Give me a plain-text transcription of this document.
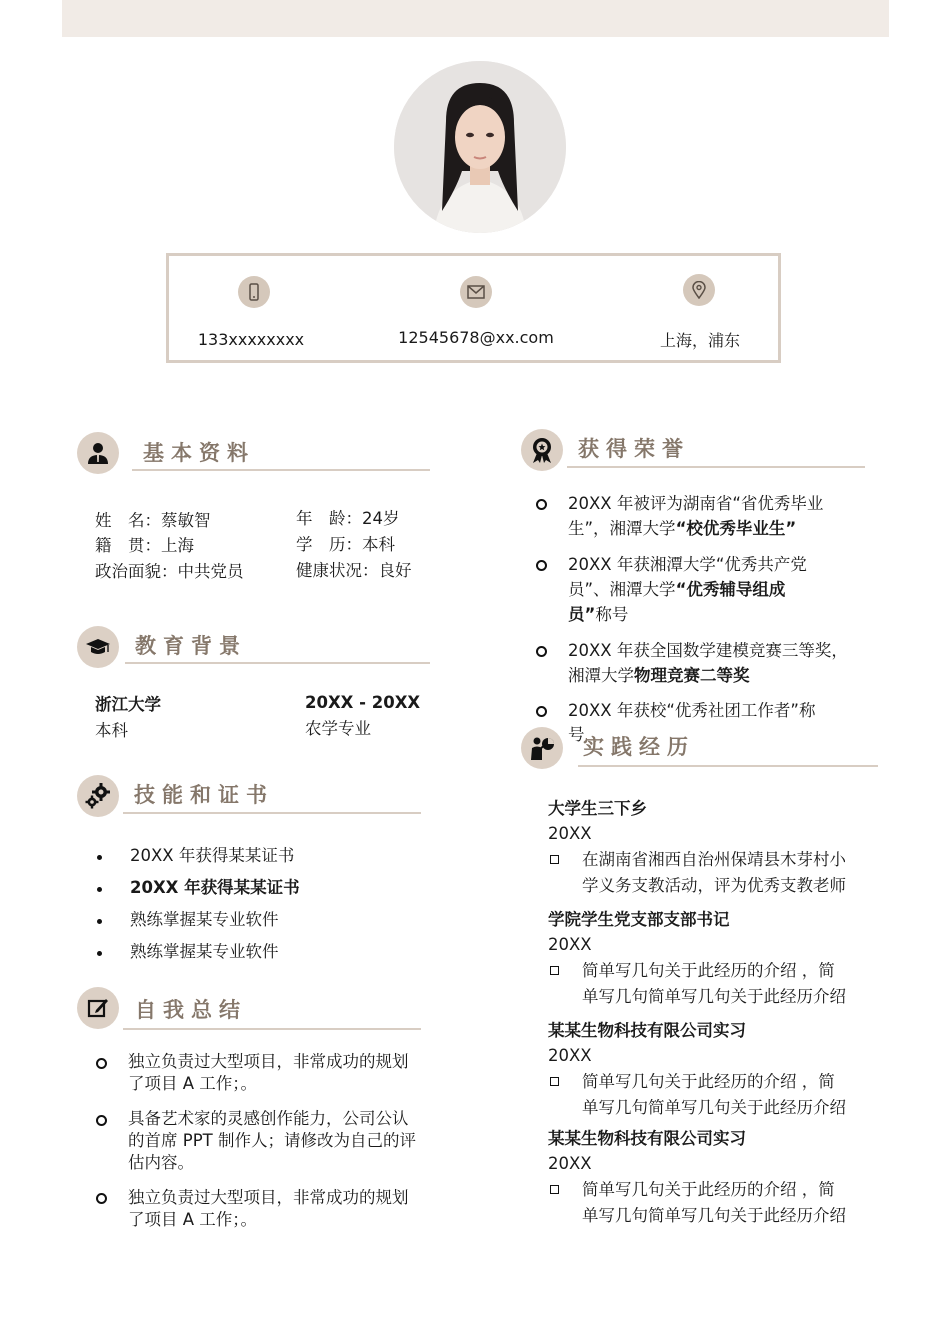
133xxxxxxxx	12545678@xx.com	上海，浦东
基本资料
姓　名：蔡敏智
籍　贯：上海
政治面貌：中共党员
年　龄：24岁
学　历：本科
健康状况：良好
教育背景
浙江大学
本科
20XX - 20XX
农学专业
技能和证书
20XX 年获得某某证书
20XX 年获得某某证书
熟练掌握某专业软件
熟练掌握某专业软件
自我总结
独立负责过大型项目，非常成功的规划了项目 A 工作；。
具备艺术家的灵感创作能力，公司公认的首席 PPT 制作人；请修改为自己的评估内容。
独立负责过大型项目，非常成功的规划了项目 A 工作；。
获得荣誉
20XX 年被评为湖南省“省优秀毕业
生”，湘潭大学“校优秀毕业生”
20XX 年获湘潭大学“优秀共产党
员”、湘潭大学“优秀辅导组成
员”称号
20XX 年获全国数学建模竞赛三等奖，
湘潭大学物理竞赛二等奖
20XX 年获校“优秀社团工作者”称
号
实践经历
大学生三下乡
20XX
在湖南省湘西自治州保靖县木芽村小
学义务支教活动，评为优秀支教老师
学院学生党支部支部书记
20XX
简单写几句关于此经历的介绍 ，简
单写几句简单写几句关于此经历介绍
某某生物科技有限公司实习
20XX
简单写几句关于此经历的介绍 ，简
单写几句简单写几句关于此经历介绍
某某生物科技有限公司实习
20XX
简单写几句关于此经历的介绍 ，简
单写几句简单写几句关于此经历介绍
